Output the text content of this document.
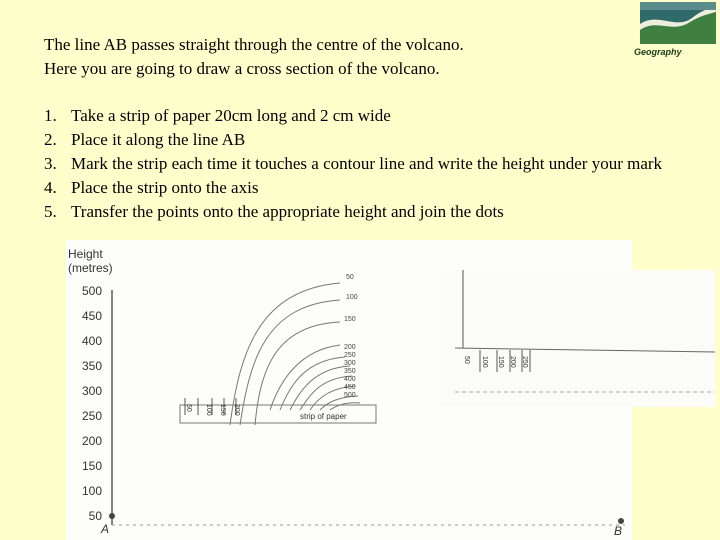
The line AB passes straight through the centre of the volcano.
Here you are going to draw a cross section of the volcano.
1. Take a strip of paper 20cm long and 2 cm wide
2. Place it along the line AB
3. Mark the strip each time it touches a contour line and write the height under your mark
4. Place the strip onto the axis
5. Transfer the points onto the appropriate height and join the dots
Geography
Height
(metres)
500
450
400
350
300
250
200
150
100
50
50
100
150
200
250
300
350
400
450
500
strip of paper
50 100 150 200
50 100 150 200 250
A	B
